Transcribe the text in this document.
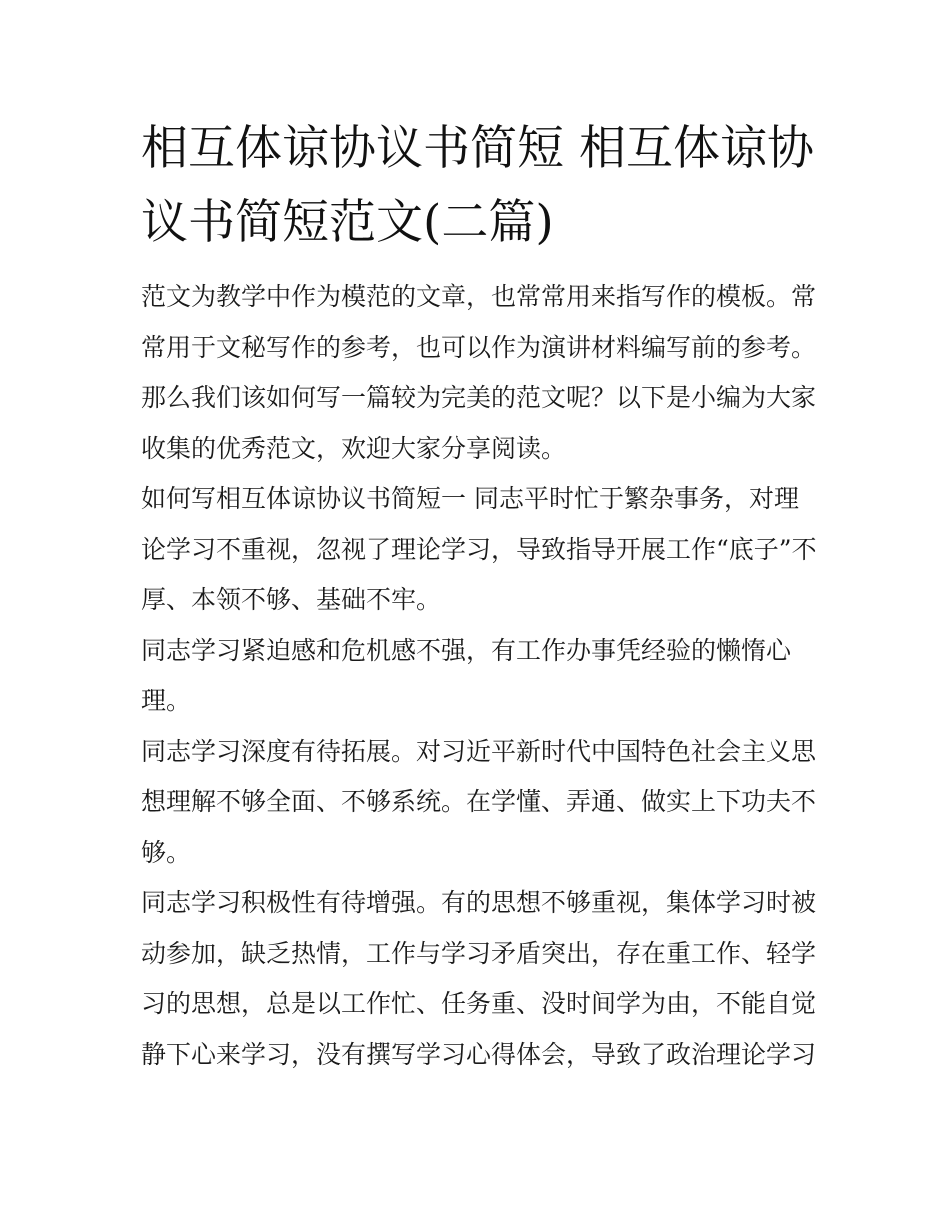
相互体谅协议书简短 相互体谅协议书简短范文(二篇)

范文为教学中作为模范的文章，也常常用来指写作的模板。常常用于文秘写作的参考，也可以作为演讲材料编写前的参考。那么我们该如何写一篇较为完美的范文呢？以下是小编为大家收集的优秀范文，欢迎大家分享阅读。

如何写相互体谅协议书简短一 同志平时忙于繁杂事务，对理论学习不重视，忽视了理论学习，导致指导开展工作“底子”不厚、本领不够、基础不牢。

同志学习紧迫感和危机感不强，有工作办事凭经验的懒惰心理。

同志学习深度有待拓展。对习近平新时代中国特色社会主义思想理解不够全面、不够系统。在学懂、弄通、做实上下功夫不够。

同志学习积极性有待增强。有的思想不够重视，集体学习时被动参加，缺乏热情，工作与学习矛盾突出，存在重工作、轻学习的思想，总是以工作忙、任务重、没时间学为由，不能自觉静下心来学习，没有撰写学习心得体会，导致了政治理论学习
